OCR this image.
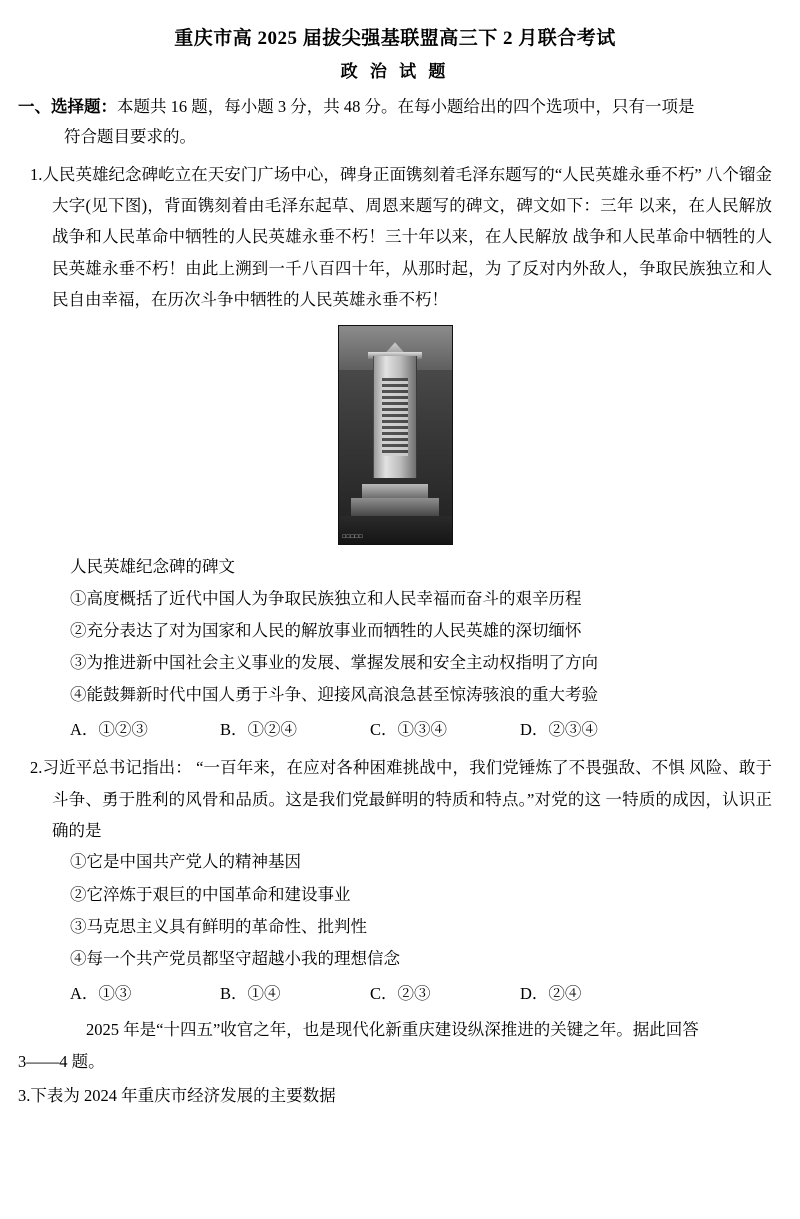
重庆市高 2025 届拔尖强基联盟高三下 2 月联合考试
政 治 试 题
一、选择题：本题共 16 题，每小题 3 分，共 48 分。在每小题给出的四个选项中，只有一项是
符合题目要求的。
1.人民英雄纪念碑屹立在天安门广场中心，碑身正面镌刻着毛泽东题写的“人民英雄永垂不朽” 八个镏金大字(见下图)，背面镌刻着由毛泽东起草、周恩来题写的碑文，碑文如下：三年 以来，在人民解放战争和人民革命中牺牲的人民英雄永垂不朽！三十年以来，在人民解放 战争和人民革命中牺牲的人民英雄永垂不朽！由此上溯到一千八百四十年，从那时起，为 了反对内外敌人，争取民族独立和人民自由幸福，在历次斗争中牺牲的人民英雄永垂不朽！
□□□□□
人民英雄纪念碑的碑文
①高度概括了近代中国人为争取民族独立和人民幸福而奋斗的艰辛历程
②充分表达了对为国家和人民的解放事业而牺牲的人民英雄的深切缅怀
③为推进新中国社会主义事业的发展、掌握发展和安全主动权指明了方向
④能鼓舞新时代中国人勇于斗争、迎接风高浪急甚至惊涛骇浪的重大考验
A．①②③	B．①②④	C．①③④	D．②③④
2.习近平总书记指出： “一百年来，在应对各种困难挑战中，我们党锤炼了不畏强敌、不惧 风险、敢于斗争、勇于胜利的风骨和品质。这是我们党最鲜明的特质和特点。”对党的这 一特质的成因，认识正确的是
①它是中国共产党人的精神基因
②它淬炼于艰巨的中国革命和建设事业
③马克思主义具有鲜明的革命性、批判性
④每一个共产党员都坚守超越小我的理想信念
A．①③	B．①④	C．②③	D．②④
2025 年是“十四五”收官之年，也是现代化新重庆建设纵深推进的关键之年。据此回答
3——4 题。
3.下表为 2024 年重庆市经济发展的主要数据
